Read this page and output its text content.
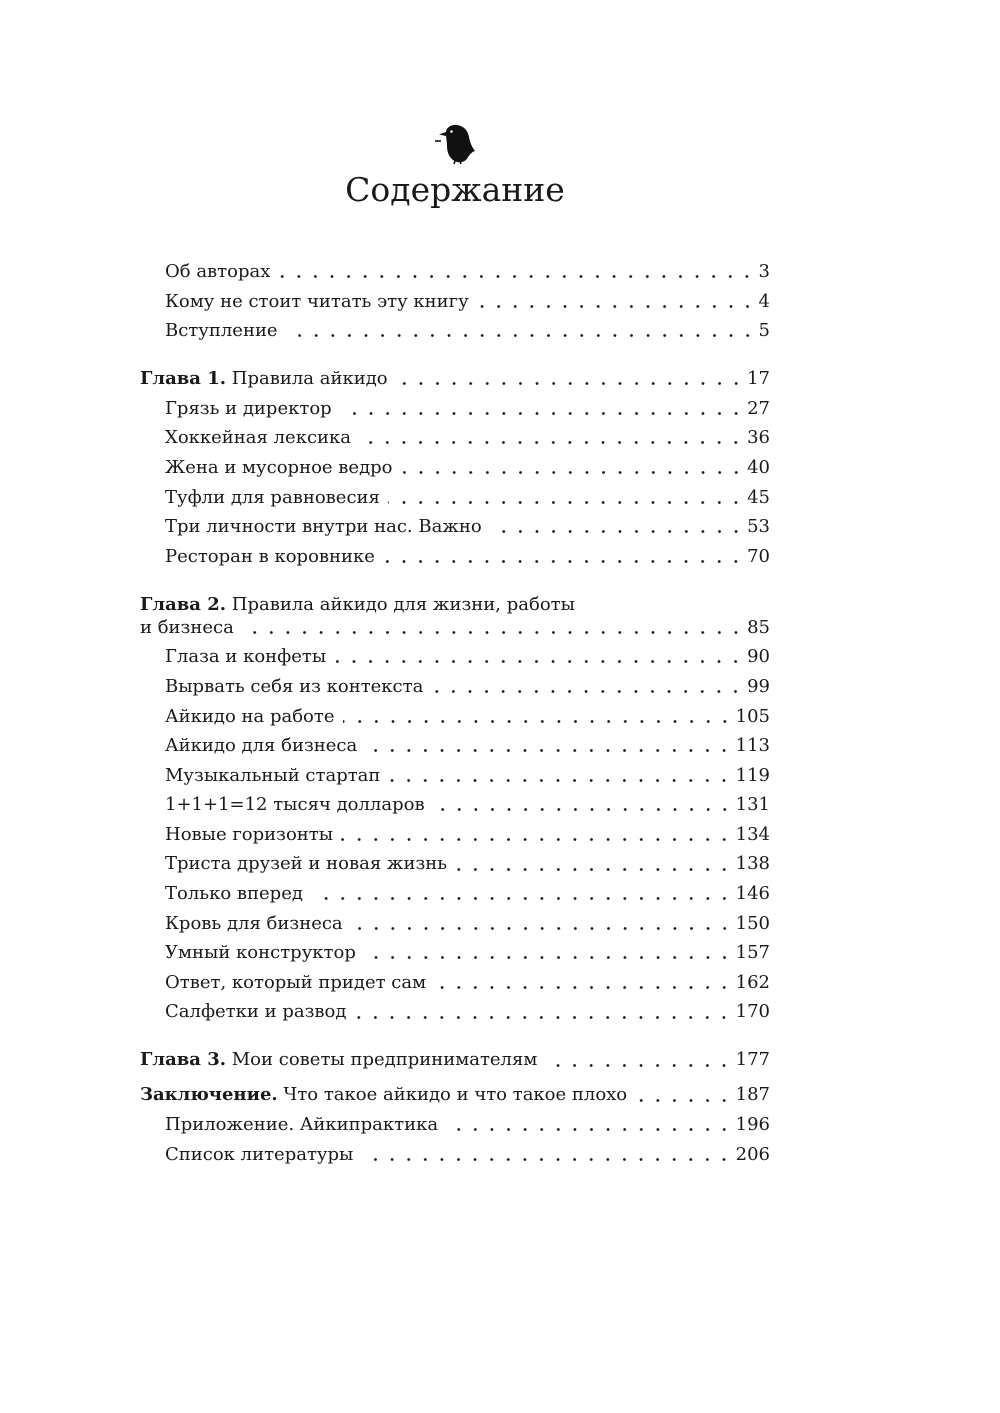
Содержание
Об авторах	3
Кому не стоит читать эту книгу	4
Вступление	5
Глава 1. Правила айкидо	17
Грязь и директор	27
Хоккейная лексика	36
Жена и мусорное ведро	40
Туфли для равновесия	45
Три личности внутри нас. Важно	53
Ресторан в коровнике	70
Глава 2. Правила айкидо для жизни, работы
и бизнеса	85
Глаза и конфеты	90
Вырвать себя из контекста	99
Айкидо на работе	105
Айкидо для бизнеса	113
Музыкальный стартап	119
1+1+1=12 тысяч долларов	131
Новые горизонты	134
Триста друзей и новая жизнь	138
Только вперед	146
Кровь для бизнеса	150
Умный конструктор	157
Ответ, который придет сам	162
Салфетки и развод	170
Глава 3. Мои советы предпринимателям	177
Заключение. Что такое айкидо и что такое плохо	187
Приложение. Айкипрактика	196
Список литературы	206
